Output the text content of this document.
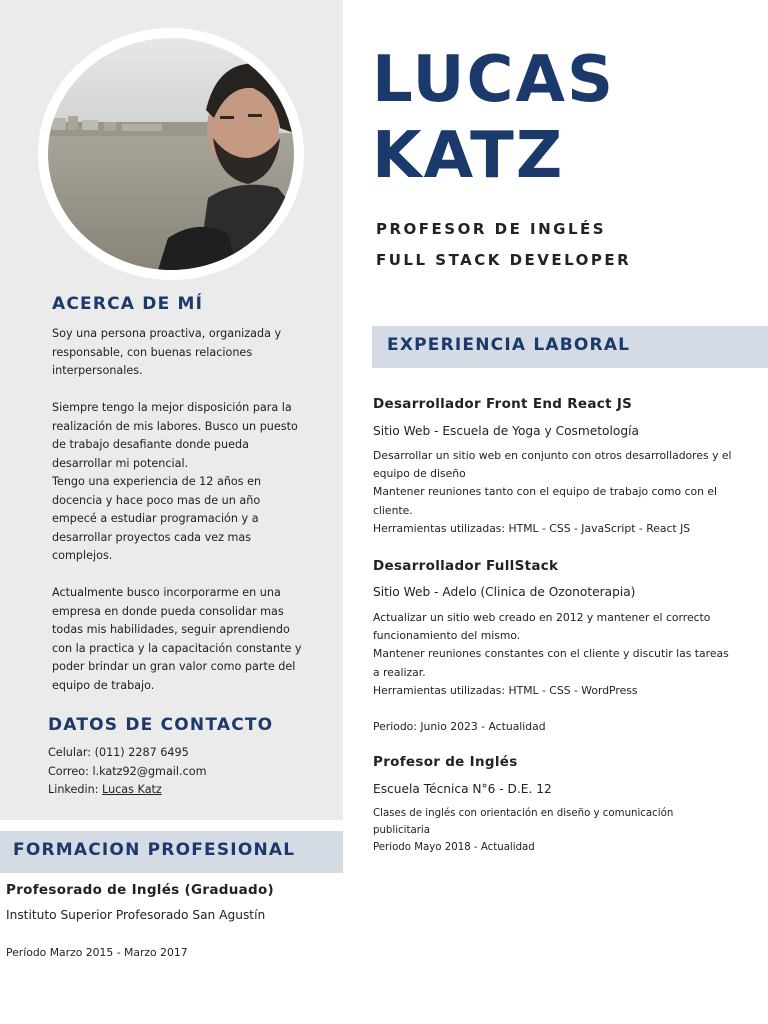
ACERCA DE MÍ

Soy una persona proactiva, organizada y responsable, con buenas relaciones interpersonales.

Siempre tengo la mejor disposición para la realización de mis labores. Busco un puesto de trabajo desafiante donde pueda desarrollar mi potencial.

Tengo una experiencia de 12 años en docencia y hace poco mas de un año empecé a estudiar programación y a desarrollar proyectos cada vez mas complejos.

Actualmente busco incorporarme en una empresa en donde pueda consolidar mas todas mis habilidades, seguir aprendiendo con la practica y la capacitación constante y poder brindar un gran valor como parte del equipo de trabajo.

DATOS DE CONTACTO
Celular: (011) 2287 6495
Correo: l.katz92@gmail.com
Linkedin: Lucas Katz
LUCAS
KATZ
PROFESOR DE INGLÉS
FULL STACK DEVELOPER
EXPERIENCIA LABORAL
Desarrollador Front End React JS
Sitio Web - Escuela de Yoga y Cosmetología
Desarrollar un sitio web en conjunto con otros desarrolladores y el equipo de diseño
Mantener reuniones tanto con el equipo de trabajo como con el cliente.
Herramientas utilizadas: HTML - CSS - JavaScript - React JS
Desarrollador FullStack
Sitio Web - Adelo (Clinica de Ozonoterapia)
Actualizar un sitio web creado en 2012 y mantener el correcto funcionamiento del mismo.
Mantener reuniones constantes con el cliente y discutir las tareas a realizar.
Herramientas utilizadas: HTML - CSS - WordPress
Periodo: Junio 2023 - Actualidad
Profesor de Inglés
Escuela Técnica N°6 - D.E. 12
Clases de inglés con orientación en diseño y comunicación publicitaria
Periodo Mayo 2018 - Actualidad
FORMACION PROFESIONAL
Profesorado de Inglés (Graduado)
Instituto Superior Profesorado San Agustín
Período Marzo 2015 - Marzo 2017
